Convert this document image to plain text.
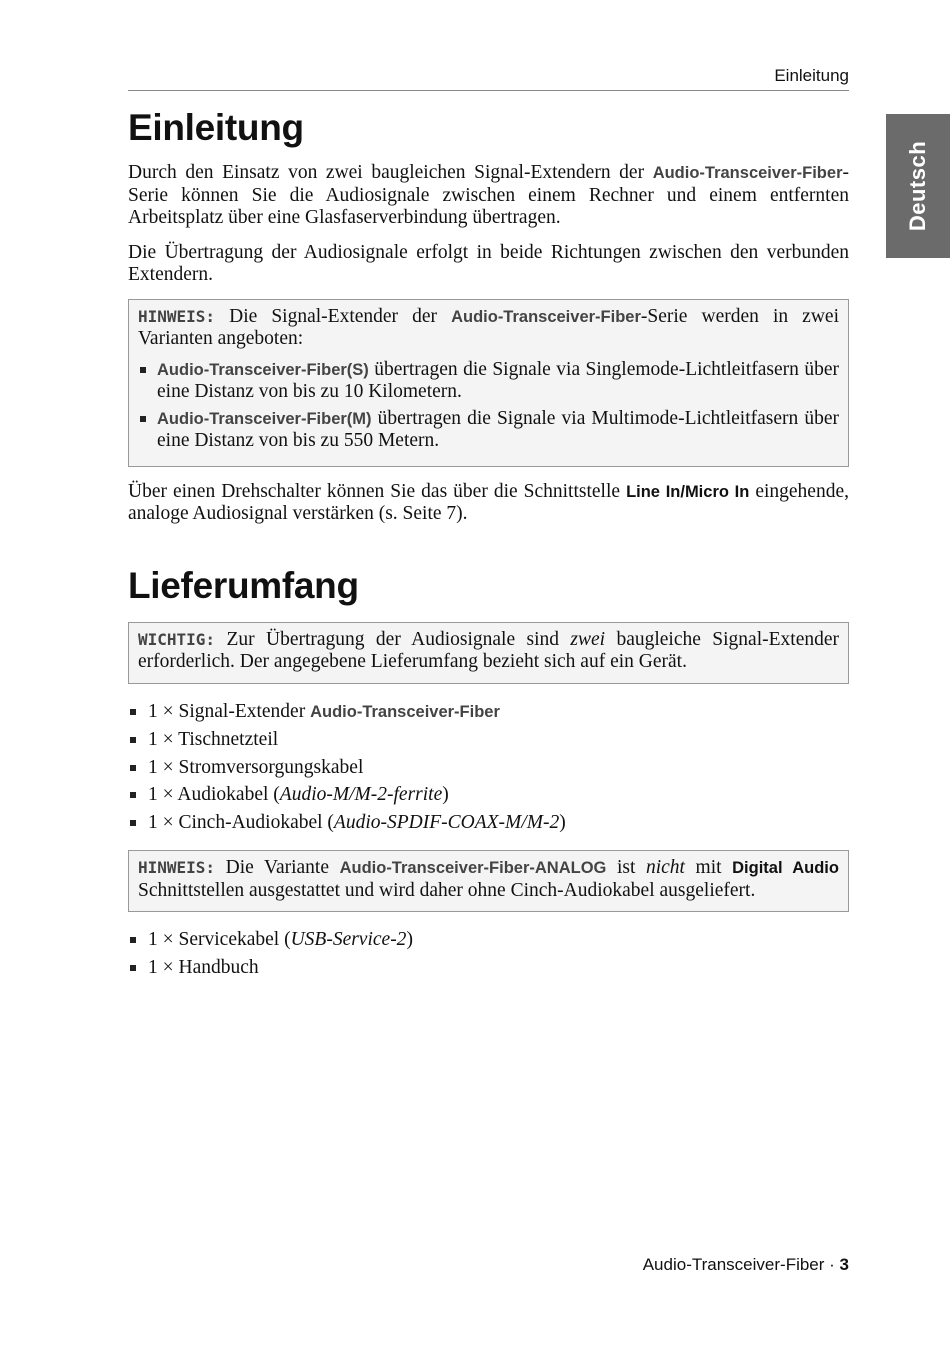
Einleitung
Deutsch
Einleitung

Durch den Einsatz von zwei baugleichen Signal-Extendern der Audio-Transceiver-Fiber-Serie können Sie die Audiosignale zwischen einem Rechner und einem entfernten Arbeitsplatz über eine Glasfaserverbindung übertragen.

Die Übertragung der Audiosignale erfolgt in beide Richtungen zwischen den verbunden Extendern.

HINWEIS: Die Signal-Extender der Audio-Transceiver-Fiber-Serie werden in zwei Varianten angeboten:
Audio-Transceiver-Fiber(S) übertragen die Signale via Singlemode-Lichtleitfasern über eine Distanz von bis zu 10 Kilometern.
Audio-Transceiver-Fiber(M) übertragen die Signale via Multimode-Lichtleitfasern über eine Distanz von bis zu 550 Metern.

Über einen Drehschalter können Sie das über die Schnittstelle Line In/Micro In eingehende, analoge Audiosignal verstärken (s. Seite 7).

Lieferumfang
WICHTIG: Zur Übertragung der Audiosignale sind zwei baugleiche Signal-Extender erforderlich. Der angegebene Lieferumfang bezieht sich auf ein Gerät.
1 × Signal-Extender Audio-Transceiver-Fiber
1 × Tischnetzteil
1 × Stromversorgungskabel
1 × Audiokabel (Audio-M/M-2-ferrite)
1 × Cinch-Audiokabel (Audio-SPDIF-COAX-M/M-2)
HINWEIS: Die Variante Audio-Transceiver-Fiber-ANALOG ist nicht mit Digital Audio Schnittstellen ausgestattet und wird daher ohne Cinch-Audiokabel ausgeliefert.
1 × Servicekabel (USB-Service-2)
1 × Handbuch
Audio-Transceiver-Fiber · 3
